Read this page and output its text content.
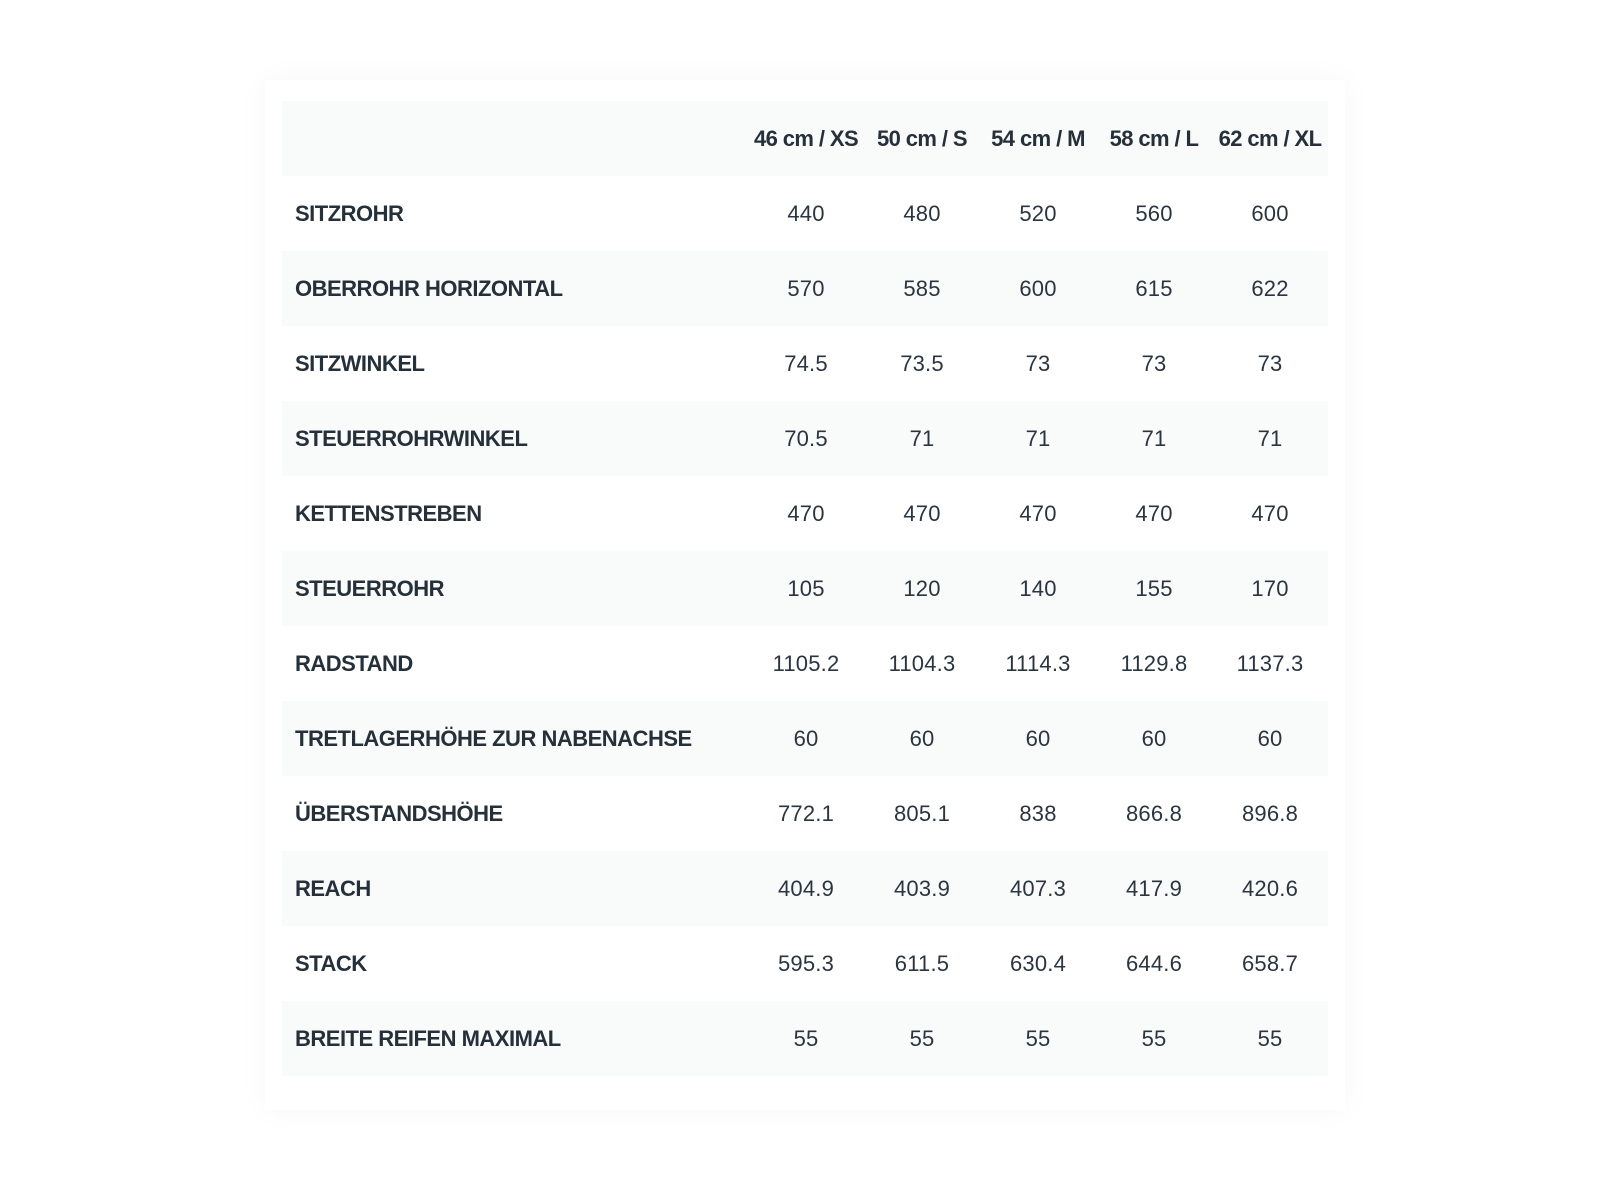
	46 cm / XS	50 cm / S	54 cm / M	58 cm / L	62 cm / XL
SITZROHR	440	480	520	560	600
OBERROHR HORIZONTAL	570	585	600	615	622
SITZWINKEL	74.5	73.5	73	73	73
STEUERROHRWINKEL	70.5	71	71	71	71
KETTENSTREBEN	470	470	470	470	470
STEUERROHR	105	120	140	155	170
RADSTAND	1105.2	1104.3	1114.3	1129.8	1137.3
TRETLAGERHÖHE ZUR NABENACHSE	60	60	60	60	60
ÜBERSTANDSHÖHE	772.1	805.1	838	866.8	896.8
REACH	404.9	403.9	407.3	417.9	420.6
STACK	595.3	611.5	630.4	644.6	658.7
BREITE REIFEN MAXIMAL	55	55	55	55	55
